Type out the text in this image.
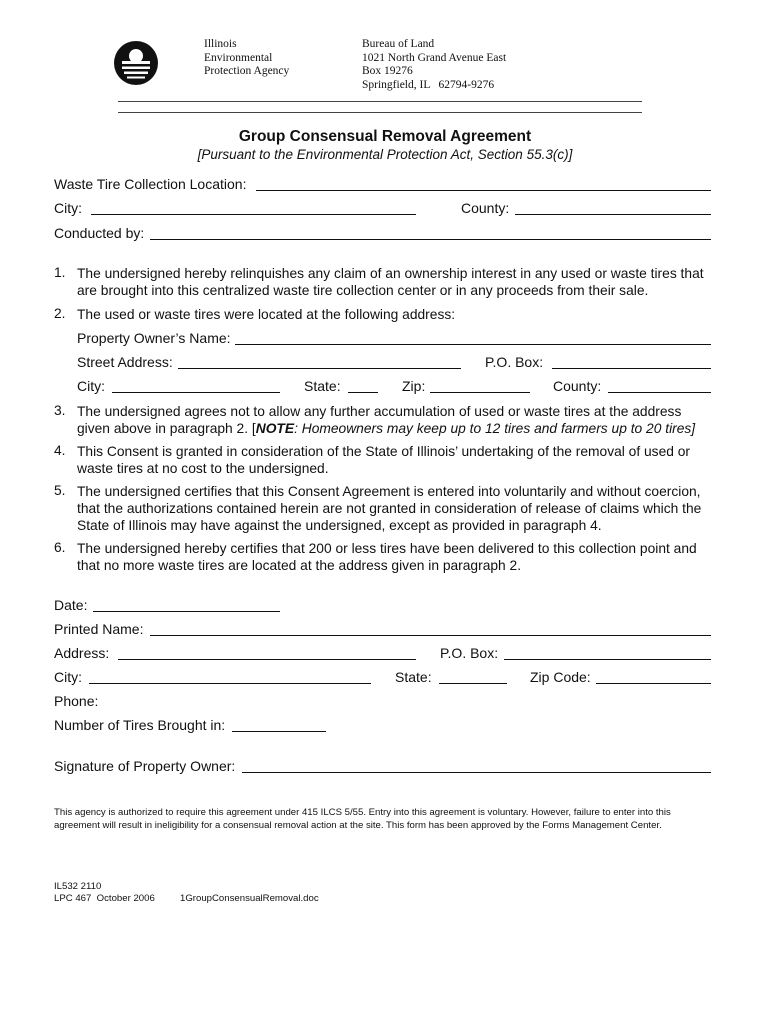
Illinois
Environmental
Protection Agency
Bureau of Land
1021 North Grand Avenue East
Box 19276
Springfield, IL   62794-9276
Group Consensual Removal Agreement
[Pursuant to the Environmental Protection Act, Section 55.3(c)]
Waste Tire Collection Location:
City:	County:
Conducted by:
1. The undersigned hereby relinquishes any claim of an ownership interest in any used or waste tires that are brought into this centralized waste tire collection center or in any proceeds from their sale.
2. The used or waste tires were located at the following address:
Property Owner’s Name:
Street Address:	P.O. Box:
City:	State:	Zip:	County:
3. The undersigned agrees not to allow any further accumulation of used or waste tires at the address given above in paragraph 2. [NOTE: Homeowners may keep up to 12 tires and farmers up to 20 tires]
4. This Consent is granted in consideration of the State of Illinois’ undertaking of the removal of used or waste tires at no cost to the undersigned.
5. The undersigned certifies that this Consent Agreement is entered into voluntarily and without coercion, that the authorizations contained herein are not granted in consideration of release of claims which the State of Illinois may have against the undersigned, except as provided in paragraph 4.
6. The undersigned hereby certifies that 200 or less tires have been delivered to this collection point and that no more waste tires are located at the address given in paragraph 2.
Date:
Printed Name:
Address:	P.O. Box:
City:	State:	Zip Code:
Phone:
Number of Tires Brought in:
Signature of Property Owner:
This agency is authorized to require this agreement under 415 ILCS 5/55. Entry into this agreement is voluntary. However, failure to enter into this agreement will result in ineligibility for a consensual removal action at the site. This form has been approved by the Forms Management Center.
IL532 2110
LPC 467  October 2006	1GroupConsensualRemoval.doc
